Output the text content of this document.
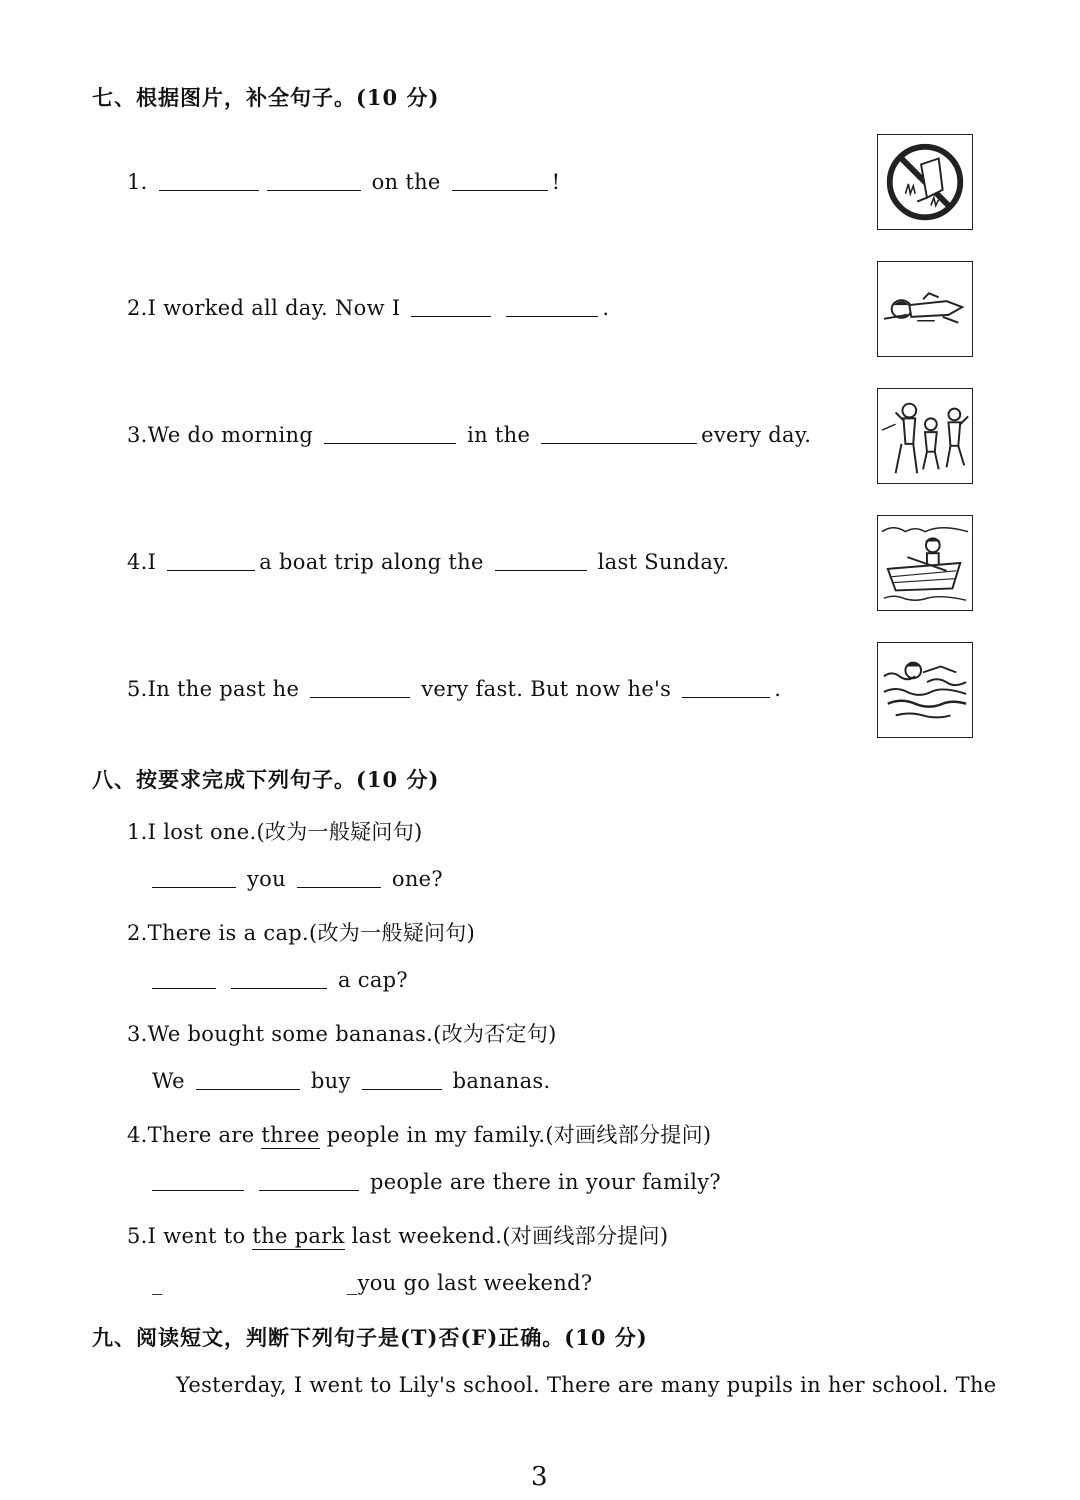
七、根据图片，补全句子。(10 分)
1.	on the	!
2.I worked all day. Now I	.
3.We do morning	in the	every day.
4.I	a boat trip along the	last Sunday.
5.In the past he	very fast. But now he's	.
八、按要求完成下列句子。(10 分)
1.I lost one.(改为一般疑问句)
you	one?
2.There is a cap.(改为一般疑问句)
a cap?
3.We bought some bananas.(改为否定句)
We	buy	bananas.
4.There are three people in my family.(对画线部分提问)
people are there in your family?
5.I went to the park last weekend.(对画线部分提问)
_	_you go last weekend?
九、阅读短文，判断下列句子是(T)否(F)正确。(10 分)
Yesterday, I went to Lily's school. There are many pupils in her school. The
3
